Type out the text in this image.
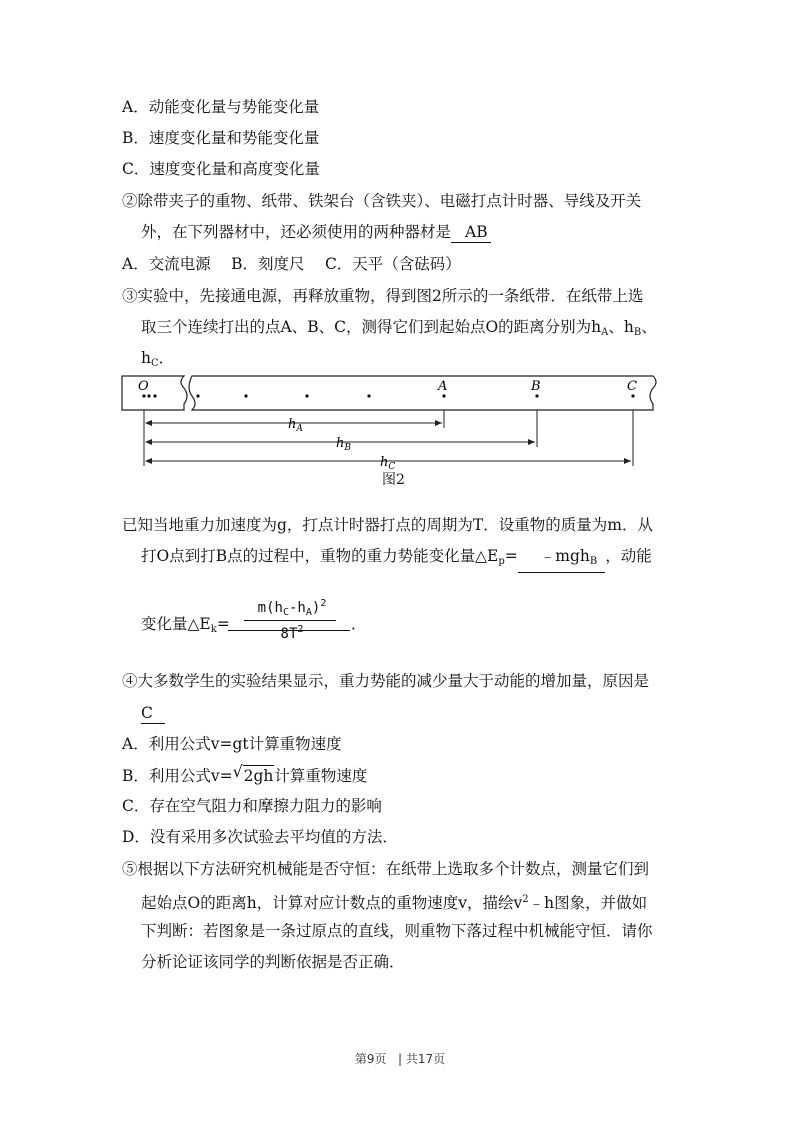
A．动能变化量与势能变化量
B．速度变化量和势能变化量
C．速度变化量和高度变化量
②除带夹子的重物、纸带、铁架台（含铁夹）、电磁打点计时器、导线及开关
外，在下列器材中，还必须使用的两种器材是 AB
A．交流电源　 B．刻度尺　 C．天平（含砝码）
③实验中，先接通电源，再释放重物，得到图2所示的一条纸带．在纸带上选
取三个连续打出的点A、B、C，测得它们到起始点O的距离分别为$h_A$、$h_B$、
$h_C$．
O	A	B	C
$h_A$
$h_B$
$h_C$
图2
已知当地重力加速度为g，打点计时器打点的周期为T．设重物的质量为m．从
打O点到打B点的过程中，重物的重力势能变化量$\triangle E_p=$ ﹣mgh$_B$ ，动能
变化量$\triangle E_k=$	．
$m(h_C-h_A)^2$
$8T^2$
④大多数学生的实验结果显示，重力势能的减少量大于动能的增加量，原因是
C
A．利用公式v=gt计算重物速度
B．利用公式v=√ 2gh计算重物速度
C．存在空气阻力和摩擦力阻力的影响
D．没有采用多次试验去平均值的方法．
⑤根据以下方法研究机械能是否守恒：在纸带上选取多个计数点，测量它们到
起始点O的距离h，计算对应计数点的重物速度v，描绘$v^2﹣h$图象，并做如
下判断：若图象是一条过原点的直线，则重物下落过程中机械能守恒．请你
分析论证该同学的判断依据是否正确．
第9页 | 共17页
